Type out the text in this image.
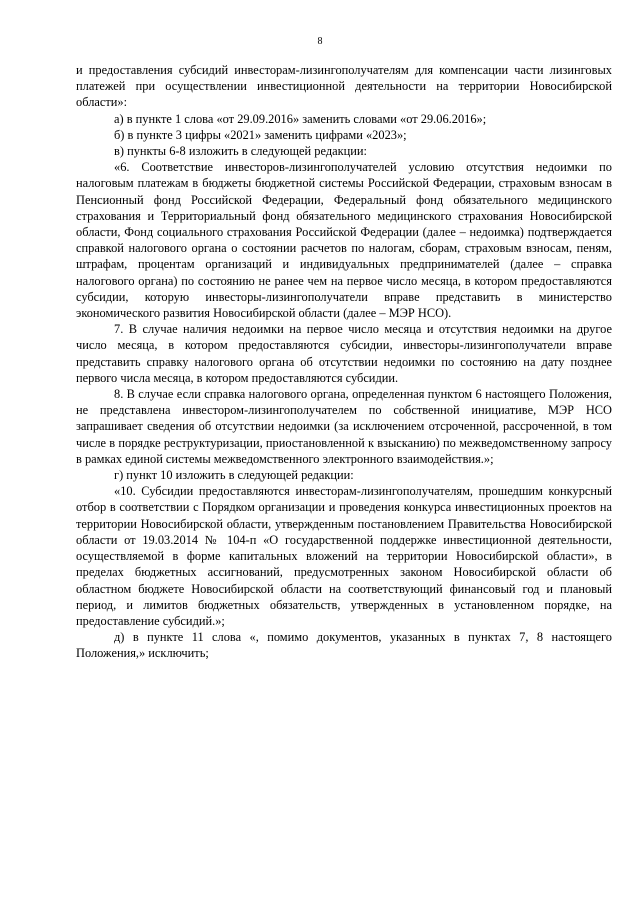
8

и предоставления субсидий инвесторам-лизингополучателям для компенсации части лизинговых платежей при осуществлении инвестиционной деятельности на территории Новосибирской области»:

а) в пункте 1 слова «от 29.09.2016» заменить словами «от 29.06.2016»;

б) в пункте 3 цифры «2021» заменить цифрами «2023»;

в) пункты 6-8 изложить в следующей редакции:

«6. Соответствие инвесторов-лизингополучателей условию отсутствия недоимки по налоговым платежам в бюджеты бюджетной системы Российской Федерации, страховым взносам в Пенсионный фонд Российской Федерации, Федеральный фонд обязательного медицинского страхования и Территориальный фонд обязательного медицинского страхования Новосибирской области, Фонд социального страхования Российской Федерации (далее – недоимка) подтверждается справкой налогового органа о состоянии расчетов по налогам, сборам, страховым взносам, пеням, штрафам, процентам организаций и индивидуальных предпринимателей (далее – справка налогового органа) по состоянию не ранее чем на первое число месяца, в котором предоставляются субсидии, которую инвесторы-лизингополучатели вправе представить в министерство экономического развития Новосибирской области (далее – МЭР НСО).

7. В случае наличия недоимки на первое число месяца и отсутствия недоимки на другое число месяца, в котором предоставляются субсидии, инвесторы-лизингополучатели вправе представить справку налогового органа об отсутствии недоимки по состоянию на дату позднее первого числа месяца, в котором предоставляются субсидии.

8. В случае если справка налогового органа, определенная пунктом 6 настоящего Положения, не представлена инвестором-лизингополучателем по собственной инициативе, МЭР НСО запрашивает сведения об отсутствии недоимки (за исключением отсроченной, рассроченной, в том числе в порядке реструктуризации, приостановленной к взысканию) по межведомственному запросу в рамках единой системы межведомственного электронного взаимодействия.»;

г) пункт 10 изложить в следующей редакции:

«10. Субсидии предоставляются инвесторам-лизингополучателям, прошедшим конкурсный отбор в соответствии с Порядком организации и проведения конкурса инвестиционных проектов на территории Новосибирской области, утвержденным постановлением Правительства Новосибирской области от 19.03.2014 № 104-п «О государственной поддержке инвестиционной деятельности, осуществляемой в форме капитальных вложений на территории Новосибирской области», в пределах бюджетных ассигнований, предусмотренных законом Новосибирской области об областном бюджете Новосибирской области на соответствующий финансовый год и плановый период, и лимитов бюджетных обязательств, утвержденных в установленном порядке, на предоставление субсидий.»;

д) в пункте 11 слова «, помимо документов, указанных в пунктах 7, 8 настоящего Положения,» исключить;
